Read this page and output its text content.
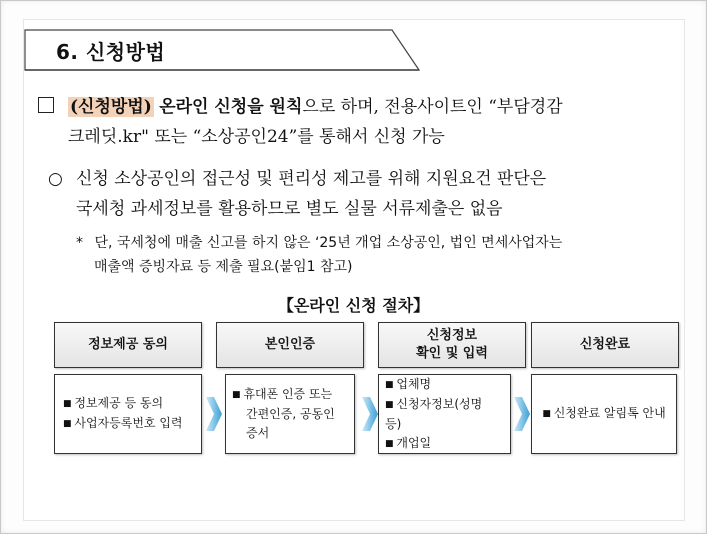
6. 신청방법
(신청방법) 온라인 신청을 원칙으로 하며, 전용사이트인 “부담경감
크레딧.kr" 또는 “소상공인24”를 통해서 신청 가능
○ 신청 소상공인의 접근성 및 편리성 제고를 위해 지원요건 판단은
국세청 과세정보를 활용하므로 별도 실물 서류제출은 없음
* 단, 국세청에 매출 신고를 하지 않은 ‘25년 개업 소상공인, 법인 면세사업자는
매출액 증빙자료 등 제출 필요(붙임1 참고)
【온라인 신청 절차】
정보제공 동의	본인인증
신청정보
확인 및 입력
신청완료
■ 정보제공 등 동의
■ 사업자등록번호 입력
■ 휴대폰 인증 또는
간편인증, 공동인증서
■ 업체명
■ 신청자정보(성명 등)
■ 개업일
■ 신청완료 알림톡 안내
